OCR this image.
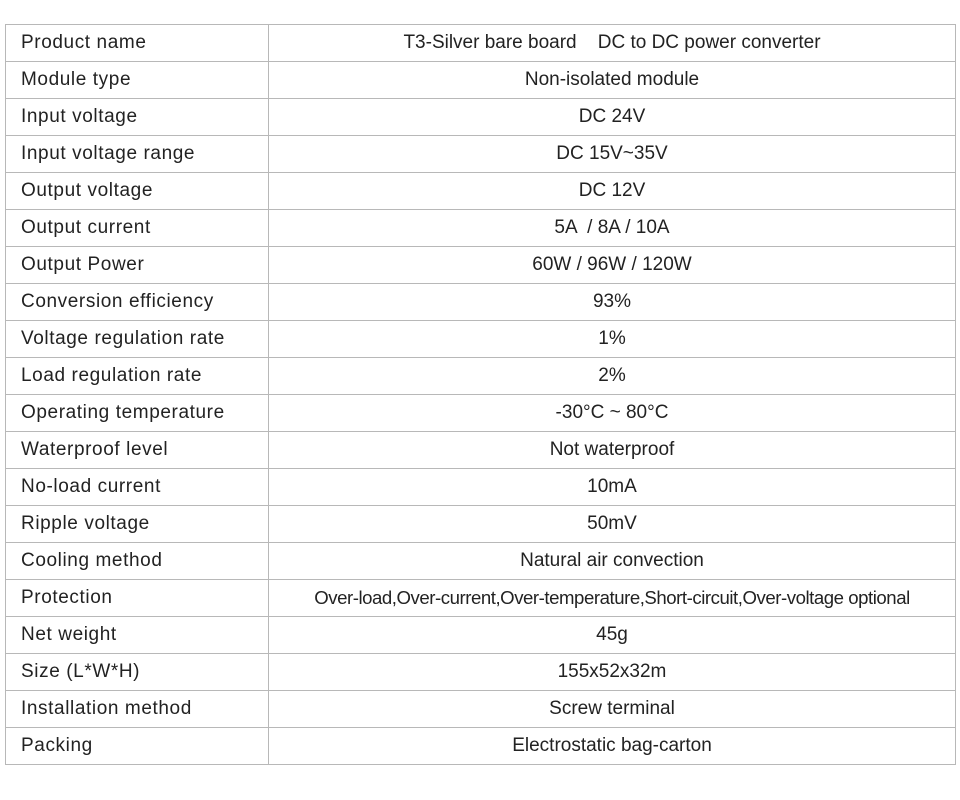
Product name	T3-Silver bare board    DC to DC power converter
Module type	Non-isolated module
Input voltage	DC 24V
Input voltage range	DC 15V~35V
Output voltage	DC 12V
Output current	5A  / 8A / 10A
Output Power	60W / 96W / 120W
Conversion efficiency	93%
Voltage regulation rate	1%
Load regulation rate	2%
Operating temperature	-30°C ~ 80°C
Waterproof level	Not waterproof
No-load current	10mA
Ripple voltage	50mV
Cooling method	Natural air convection
Protection	Over-load,Over-current,Over-temperature,Short-circuit,Over-voltage optional
Net weight	45g
Size (L*W*H)	155x52x32m
Installation method	Screw terminal
Packing	Electrostatic bag-carton
